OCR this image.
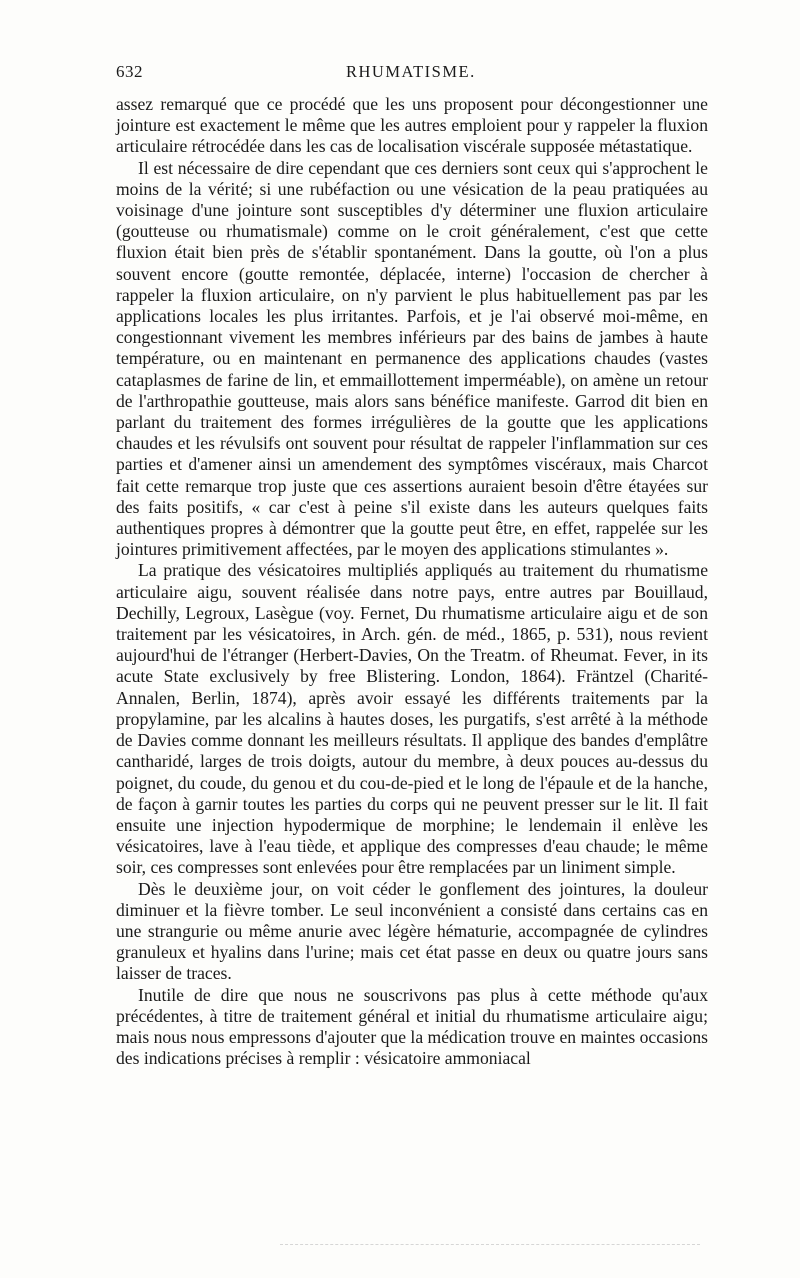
632	RHUMATISME.

assez remarqué que ce procédé que les uns proposent pour décongestionner une jointure est exactement le même que les autres emploient pour y rappeler la fluxion articulaire rétrocédée dans les cas de localisation viscérale supposée métastatique.

Il est nécessaire de dire cependant que ces derniers sont ceux qui s'approchent le moins de la vérité; si une rubéfaction ou une vésication de la peau pratiquées au voisinage d'une jointure sont susceptibles d'y déterminer une fluxion articulaire (goutteuse ou rhumatismale) comme on le croit généralement, c'est que cette fluxion était bien près de s'établir spontanément. Dans la goutte, où l'on a plus souvent encore (goutte remontée, déplacée, interne) l'occasion de chercher à rappeler la fluxion articulaire, on n'y parvient le plus habituellement pas par les applications locales les plus irritantes. Parfois, et je l'ai observé moi-même, en congestionnant vivement les membres inférieurs par des bains de jambes à haute température, ou en maintenant en permanence des applications chaudes (vastes cataplasmes de farine de lin, et emmaillottement imperméable), on amène un retour de l'arthropathie goutteuse, mais alors sans bénéfice manifeste. Garrod dit bien en parlant du traitement des formes irrégulières de la goutte que les applications chaudes et les révulsifs ont souvent pour résultat de rappeler l'inflammation sur ces parties et d'amener ainsi un amendement des symptômes viscéraux, mais Charcot fait cette remarque trop juste que ces assertions auraient besoin d'être étayées sur des faits positifs, « car c'est à peine s'il existe dans les auteurs quelques faits authentiques propres à démontrer que la goutte peut être, en effet, rappelée sur les jointures primitivement affectées, par le moyen des applications stimulantes ».

La pratique des vésicatoires multipliés appliqués au traitement du rhumatisme articulaire aigu, souvent réalisée dans notre pays, entre autres par Bouillaud, Dechilly, Legroux, Lasègue (voy. Fernet, Du rhumatisme articulaire aigu et de son traitement par les vésicatoires, in Arch. gén. de méd., 1865, p. 531), nous revient aujourd'hui de l'étranger (Herbert-Davies, On the Treatm. of Rheumat. Fever, in its acute State exclusively by free Blistering. London, 1864). Fräntzel (Charité-Annalen, Berlin, 1874), après avoir essayé les différents traitements par la propylamine, par les alcalins à hautes doses, les purgatifs, s'est arrêté à la méthode de Davies comme donnant les meilleurs résultats. Il applique des bandes d'emplâtre cantharidé, larges de trois doigts, autour du membre, à deux pouces au-dessus du poignet, du coude, du genou et du cou-de-pied et le long de l'épaule et de la hanche, de façon à garnir toutes les parties du corps qui ne peuvent presser sur le lit. Il fait ensuite une injection hypodermique de morphine; le lendemain il enlève les vésicatoires, lave à l'eau tiède, et applique des compresses d'eau chaude; le même soir, ces compresses sont enlevées pour être remplacées par un liniment simple.

Dès le deuxième jour, on voit céder le gonflement des jointures, la douleur diminuer et la fièvre tomber. Le seul inconvénient a consisté dans certains cas en une strangurie ou même anurie avec légère hématurie, accompagnée de cylindres granuleux et hyalins dans l'urine; mais cet état passe en deux ou quatre jours sans laisser de traces.

Inutile de dire que nous ne souscrivons pas plus à cette méthode qu'aux précédentes, à titre de traitement général et initial du rhumatisme articulaire aigu; mais nous nous empressons d'ajouter que la médication trouve en maintes occasions des indications précises à remplir : vésicatoire ammoniacal
